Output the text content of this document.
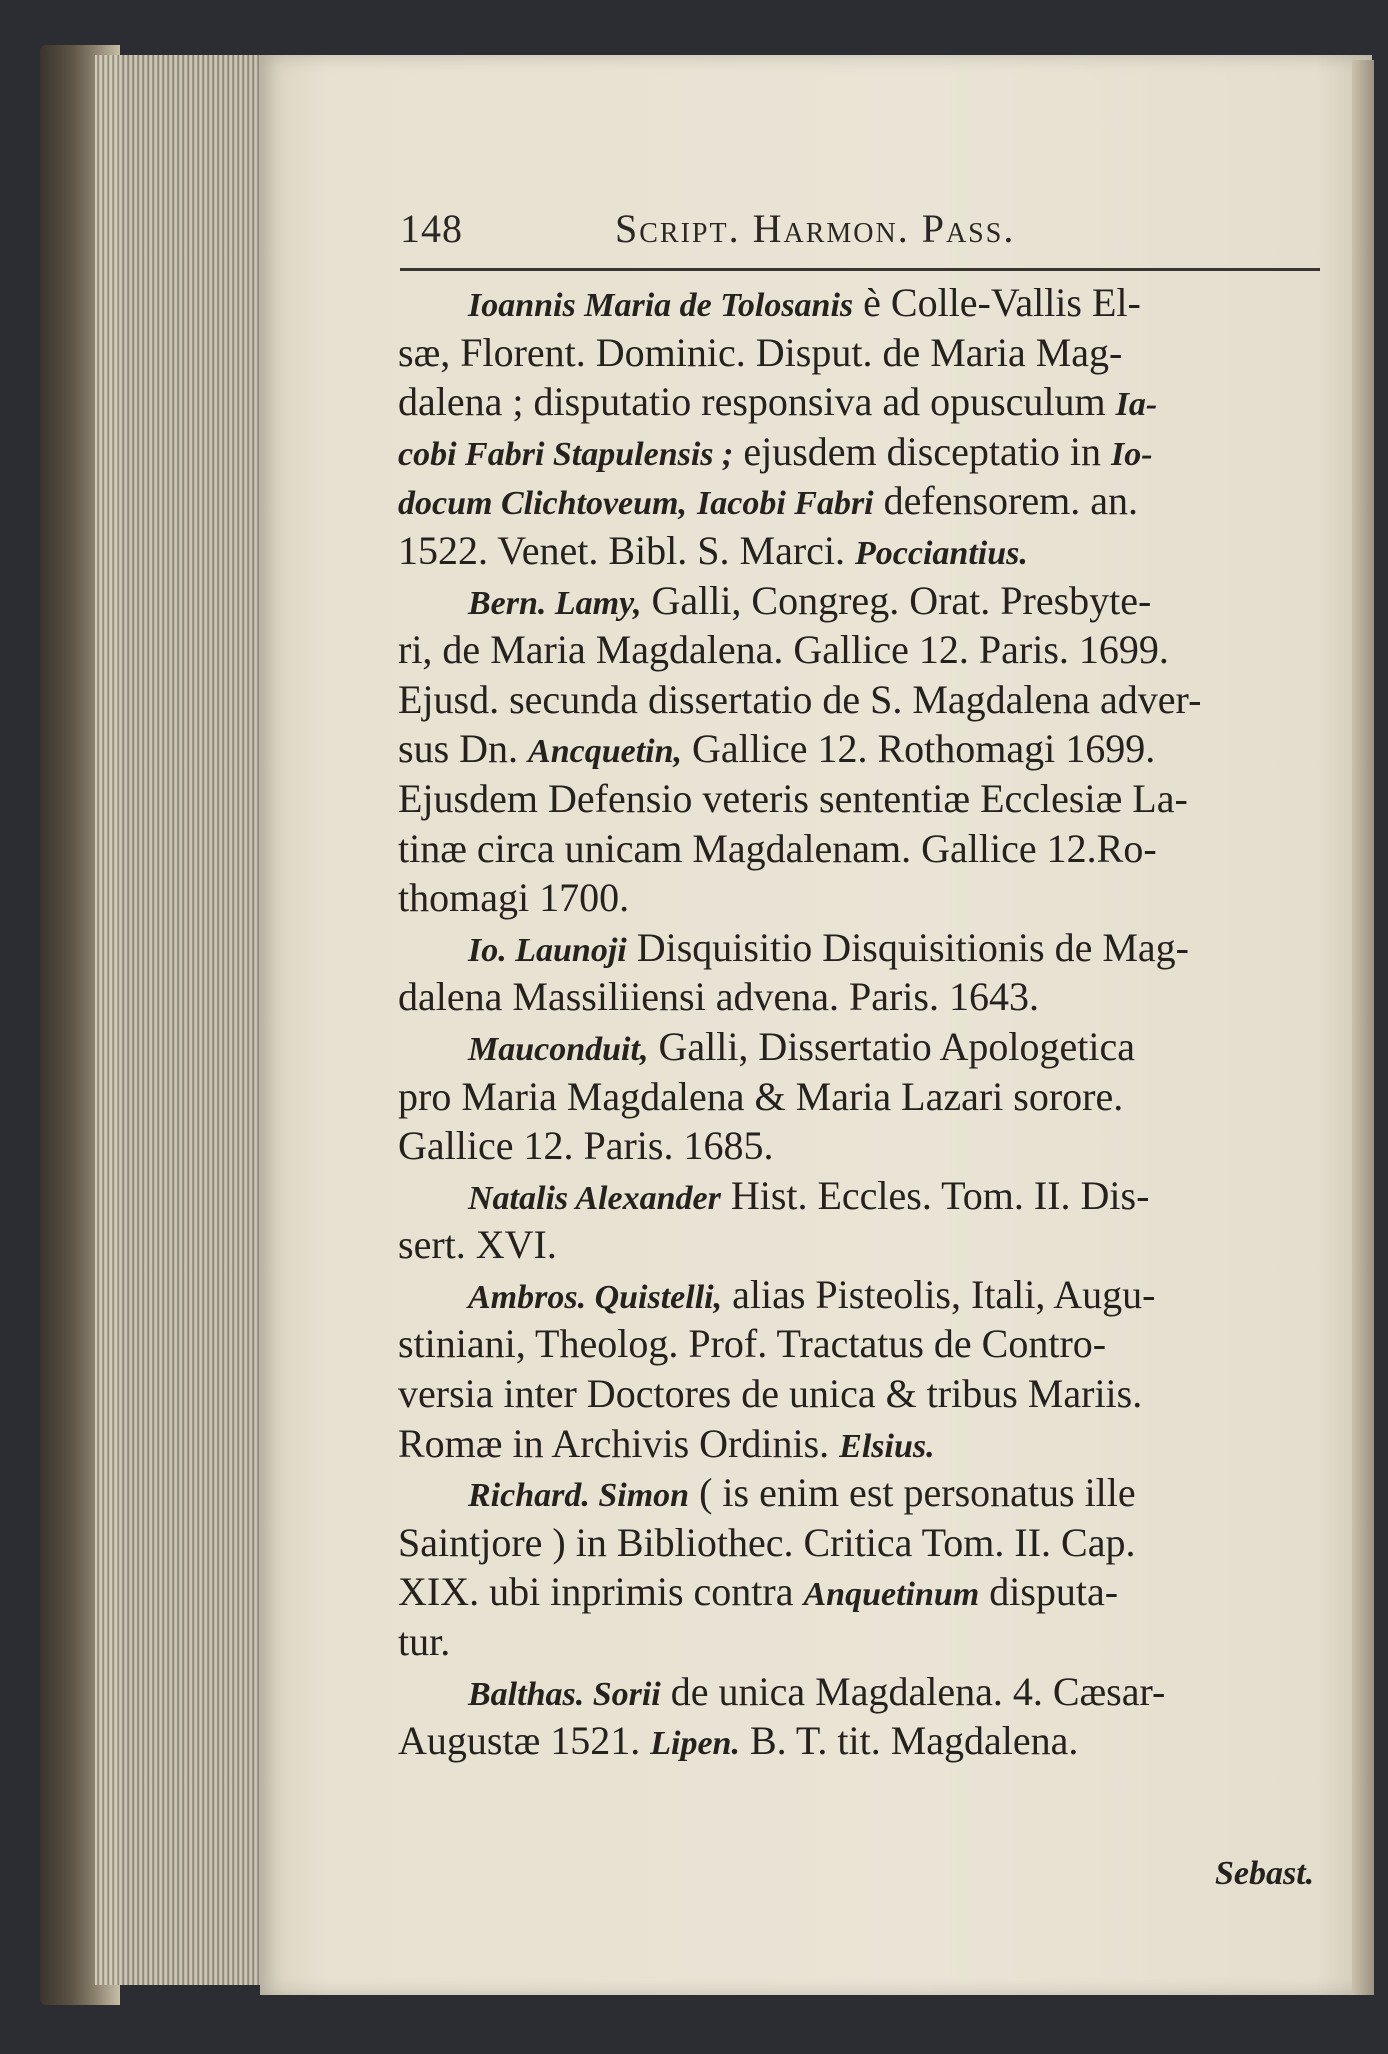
148	Script. Harmon. Pass.
Ioannis Maria de Tolosanis è Colle-Vallis El-
sæ, Florent. Dominic. Disput. de Maria Mag-
dalena ; disputatio responsiva ad opusculum Ia-
cobi Fabri Stapulensis ; ejusdem disceptatio in Io-
docum Clichtoveum, Iacobi Fabri defensorem. an.
1522. Venet. Bibl. S. Marci. Pocciantius.
Bern. Lamy, Galli, Congreg. Orat. Presbyte-
ri, de Maria Magdalena. Gallice 12. Paris. 1699.
Ejusd. secunda dissertatio de S. Magdalena adver-
sus Dn. Ancquetin, Gallice 12. Rothomagi 1699.
Ejusdem Defensio veteris sententiæ Ecclesiæ La-
tinæ circa unicam Magdalenam. Gallice 12.Ro-
thomagi 1700.
Io. Launoji Disquisitio Disquisitionis de Mag-
dalena Massiliiensi advena. Paris. 1643.
Mauconduit, Galli, Dissertatio Apologetica
pro Maria Magdalena & Maria Lazari sorore.
Gallice 12. Paris. 1685.
Natalis Alexander Hist. Eccles. Tom. II. Dis-
sert. XVI.
Ambros. Quistelli, alias Pisteolis, Itali, Augu-
stiniani, Theolog. Prof. Tractatus de Contro-
versia inter Doctores de unica & tribus Mariis.
Romæ in Archivis Ordinis. Elsius.
Richard. Simon ( is enim est personatus ille
Saintjore ) in Bibliothec. Critica Tom. II. Cap.
XIX. ubi inprimis contra Anquetinum disputa-
tur.
Balthas. Sorii de unica Magdalena. 4. Cæsar-
Augustæ 1521. Lipen. B. T. tit. Magdalena.
Sebast.
